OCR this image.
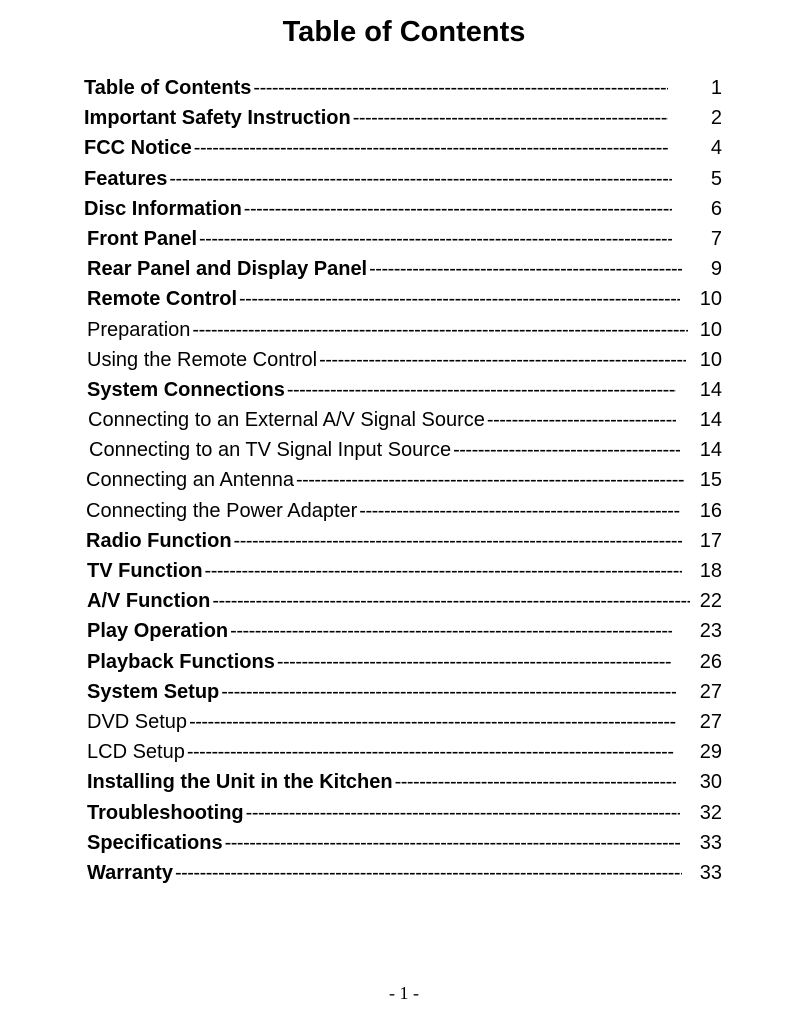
Table of Contents
Table of Contents -----	1
Important Safety Instruction -----	2
FCC Notice -----	4
Features -----	5
Disc Information -----	6
Front Panel -----	7
Rear Panel and Display Panel -----	9
Remote Control -----	10
Preparation -----	10
Using the Remote Control -----	10
System Connections -----	14
Connecting to an External A/V Signal Source -----	14
Connecting to an TV Signal Input Source -----	14
Connecting an Antenna -----	15
Connecting the Power Adapter -----	16
Radio Function -----	17
TV Function -----	18
A/V Function -----	22
Play Operation -----	23
Playback Functions -----	26
System Setup -----	27
DVD Setup -----	27
LCD Setup -----	29
Installing the Unit in the Kitchen -----	30
Troubleshooting -----	32
Specifications -----	33
Warranty -----	33
- 1 -
